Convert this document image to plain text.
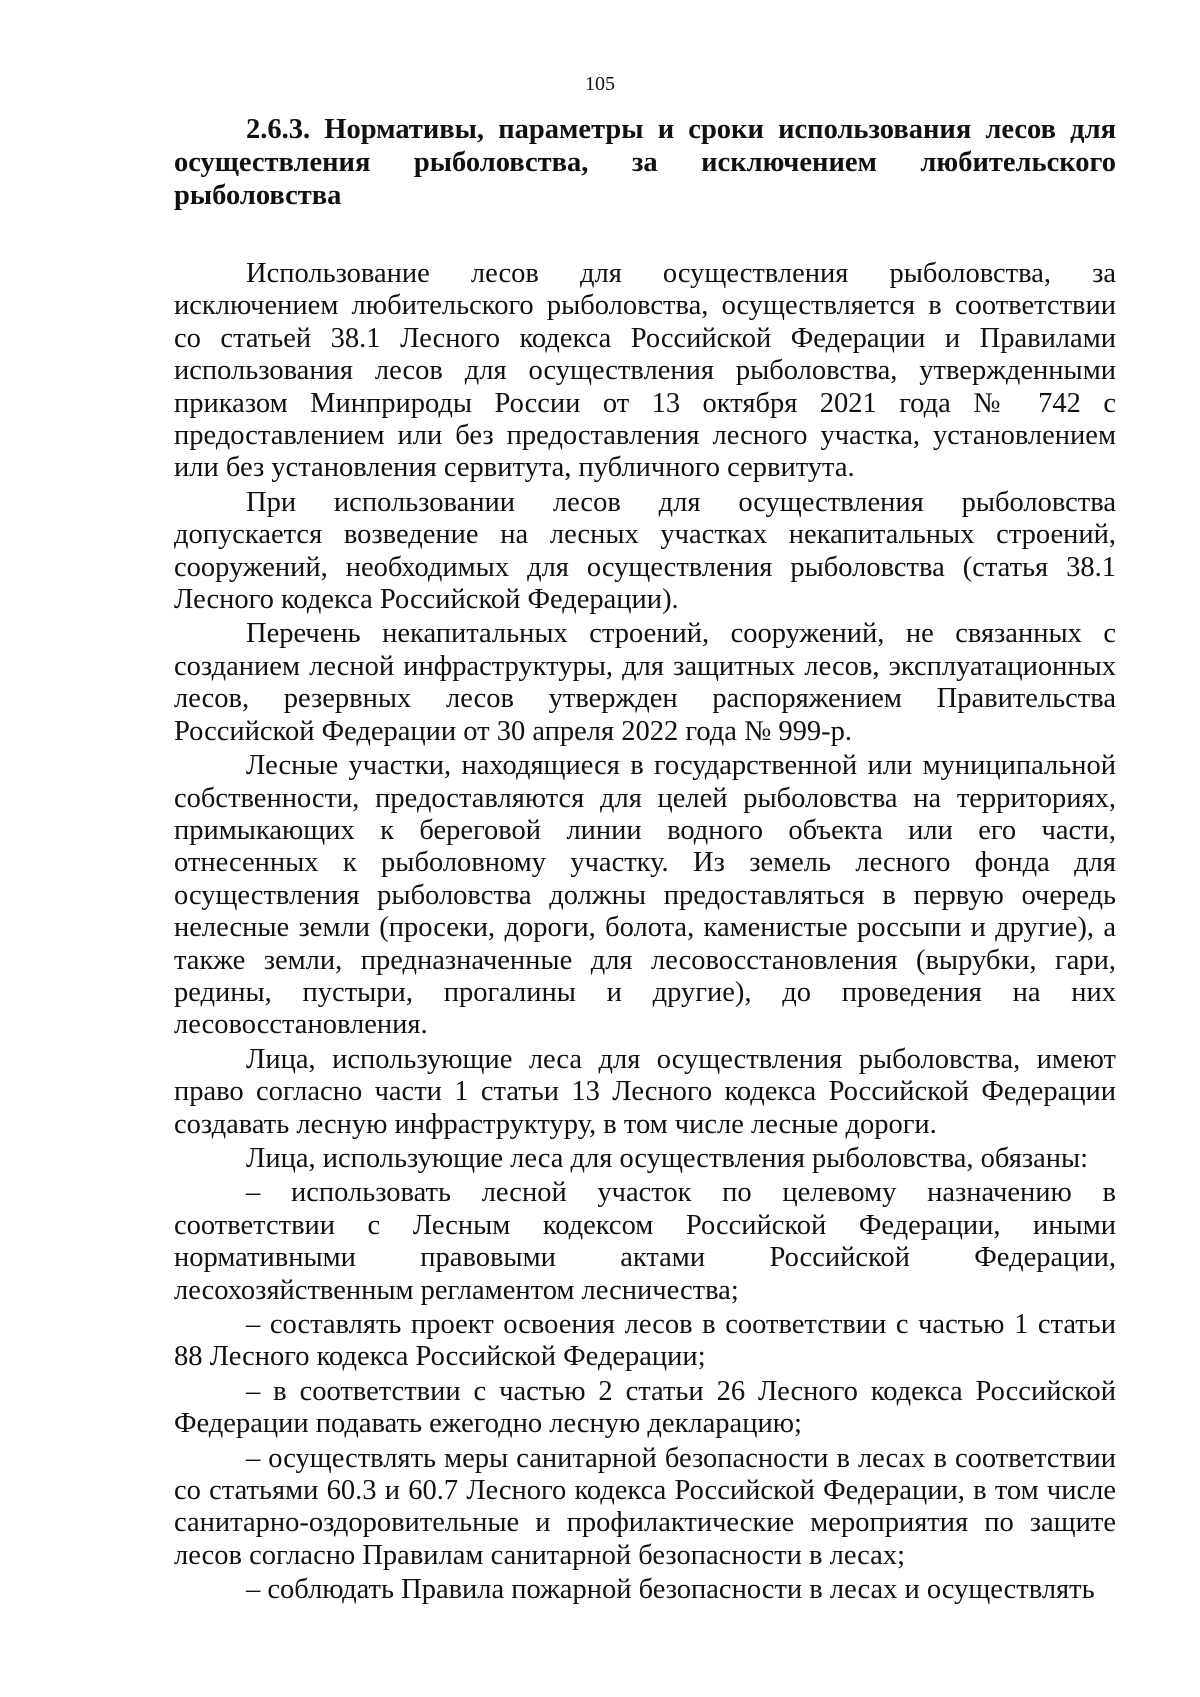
105

2.6.3. Нормативы, параметры и сроки использования лесов для осуществления рыболовства, за исключением любительского рыболовства

Использование лесов для осуществления рыболовства, за исключением любительского рыболовства, осуществляется в соответствии со статьей 38.1 Лесного кодекса Российской Федерации и Правилами использования лесов для осуществления рыболовства, утвержденными приказом Минприроды России от 13 октября 2021 года № 742 с предоставлением или без предоставления лесного участка, установлением или без установления сервитута, публичного сервитута.

При использовании лесов для осуществления рыболовства допускается возведение на лесных участках некапитальных строений, сооружений, необходимых для осуществления рыболовства (статья 38.1 Лесного кодекса Российской Федерации).

Перечень некапитальных строений, сооружений, не связанных с созданием лесной инфраструктуры, для защитных лесов, эксплуатационных лесов, резервных лесов утвержден распоряжением Правительства Российской Федерации от 30 апреля 2022 года № 999-р.

Лесные участки, находящиеся в государственной или муниципальной собственности, предоставляются для целей рыболовства на территориях, примыкающих к береговой линии водного объекта или его части, отнесенных к рыболовному участку. Из земель лесного фонда для осуществления рыболовства должны предоставляться в первую очередь нелесные земли (просеки, дороги, болота, каменистые россыпи и другие), а также земли, предназначенные для лесовосстановления (вырубки, гари, редины, пустыри, прогалины и другие), до проведения на них лесовосстановления.

Лица, использующие леса для осуществления рыболовства, имеют право согласно части 1 статьи 13 Лесного кодекса Российской Федерации создавать лесную инфраструктуру, в том числе лесные дороги.

Лица, использующие леса для осуществления рыболовства, обязаны:

– использовать лесной участок по целевому назначению в соответствии с Лесным кодексом Российской Федерации, иными нормативными правовыми актами Российской Федерации, лесохозяйственным регламентом лесничества;

– составлять проект освоения лесов в соответствии с частью 1 статьи 88 Лесного кодекса Российской Федерации;

– в соответствии с частью 2 статьи 26 Лесного кодекса Российской Федерации подавать ежегодно лесную декларацию;

– осуществлять меры санитарной безопасности в лесах в соответствии со статьями 60.3 и 60.7 Лесного кодекса Российской Федерации, в том числе санитарно-оздоровительные и профилактические мероприятия по защите лесов согласно Правилам санитарной безопасности в лесах;

– соблюдать Правила пожарной безопасности в лесах и осуществлять
